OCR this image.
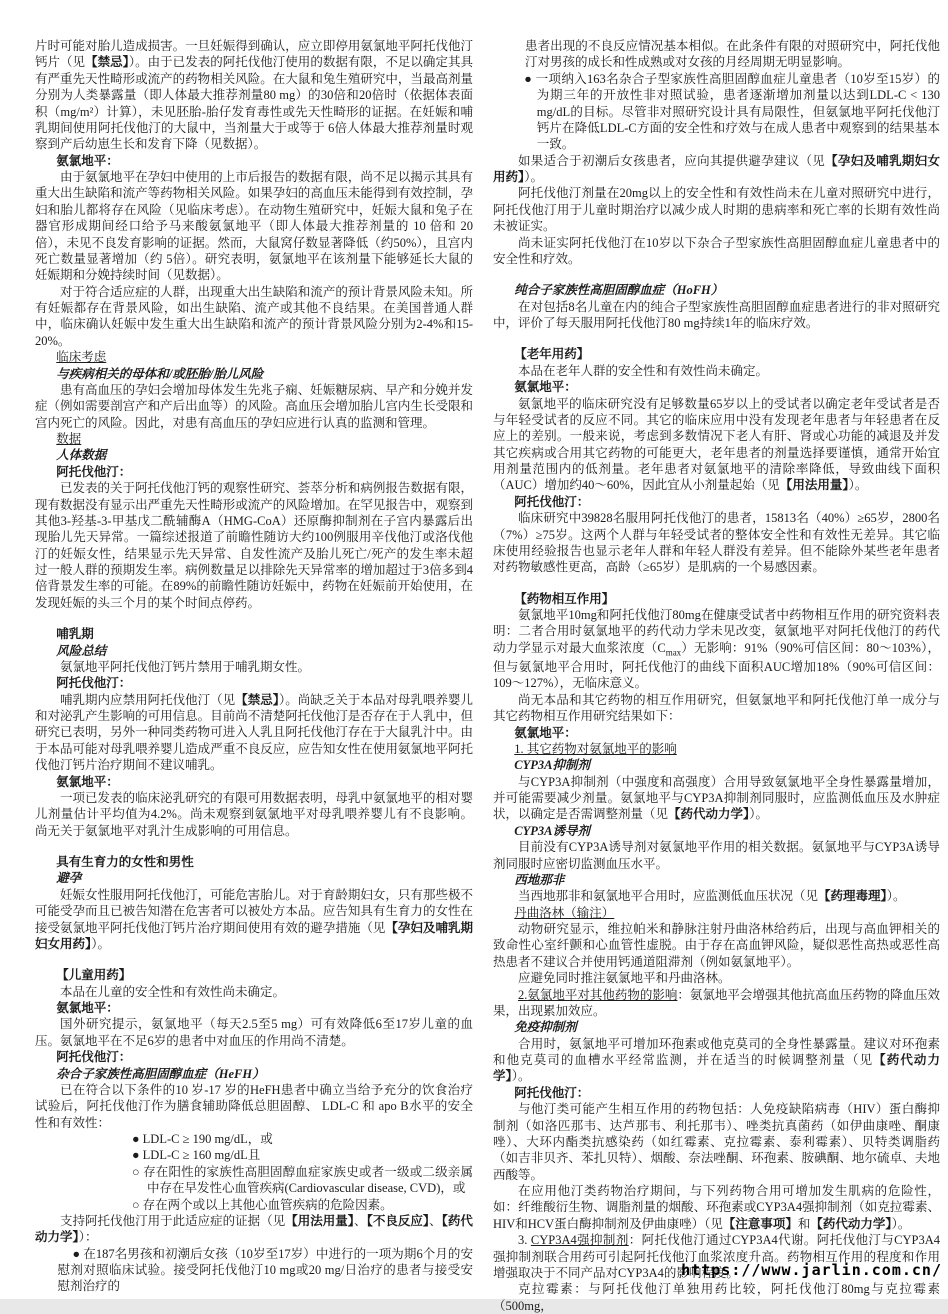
片时可能对胎儿造成损害。一旦妊娠得到确认，应立即停用氨氯地平阿托伐他汀钙片（见【禁忌】）。由于已发表的阿托伐他汀使用的数据有限，不足以确定其具有严重先天性畸形或流产的药物相关风险。在大鼠和兔生殖研究中，当最高剂量分别为人类暴露量（即人体最大推荐剂量80 mg）的30倍和20倍时（依据体表面积（mg/m²）计算），未见胚胎-胎仔发育毒性或先天性畸形的证据。在妊娠和哺乳期间使用阿托伐他汀的大鼠中，当剂量大于或等于 6倍人体最大推荐剂量时观察到产后幼崽生长和发育下降（见数据）。

氨氯地平：

由于氨氯地平在孕妇中使用的上市后报告的数据有限，尚不足以揭示其具有重大出生缺陷和流产等药物相关风险。如果孕妇的高血压未能得到有效控制，孕妇和胎儿都将存在风险（见临床考虑）。在动物生殖研究中，妊娠大鼠和兔子在器官形成期间经口给予马来酸氨氯地平（即人体最大推荐剂量的 10 倍和 20 倍），未见不良发育影响的证据。然而，大鼠窝仔数显著降低（约50%），且宫内死亡数量显著增加（约 5倍）。研究表明，氨氯地平在该剂量下能够延长大鼠的妊娠期和分娩持续时间（见数据）。

对于符合适应症的人群，出现重大出生缺陷和流产的预计背景风险未知。所有妊娠都存在背景风险，如出生缺陷、流产或其他不良结果。在美国普通人群中，临床确认妊娠中发生重大出生缺陷和流产的预计背景风险分别为2-4%和15-20%。

临床考虑

与疾病相关的母体和/或胚胎/胎儿风险

患有高血压的孕妇会增加母体发生先兆子痫、妊娠糖尿病、早产和分娩并发症（例如需要剖宫产和产后出血等）的风险。高血压会增加胎儿宫内生长受限和宫内死亡的风险。因此，对患有高血压的孕妇应进行认真的监测和管理。

数据

人体数据

阿托伐他汀：

已发表的关于阿托伐他汀钙的观察性研究、荟萃分析和病例报告数据有限，现有数据没有显示出严重先天性畸形或流产的风险增加。在罕见报告中，观察到其他3-羟基-3-甲基戊二酰辅酶A（HMG-CoA）还原酶抑制剂在子宫内暴露后出现胎儿先天异常。一篇综述报道了前瞻性随访大约100例服用辛伐他汀或洛伐他汀的妊娠女性，结果显示先天异常、自发性流产及胎儿死亡/死产的发生率未超过一般人群的预期发生率。病例数量足以排除先天异常率的增加超过于3倍多到4倍背景发生率的可能。在89%的前瞻性随访妊娠中，药物在妊娠前开始使用，在发现妊娠的头三个月的某个时间点停药。

哺乳期

风险总结

氨氯地平阿托伐他汀钙片禁用于哺乳期女性。

阿托伐他汀：

哺乳期内应禁用阿托伐他汀（见【禁忌】）。尚缺乏关于本品对母乳喂养婴儿和对泌乳产生影响的可用信息。目前尚不清楚阿托伐他汀是否存在于人乳中，但研究已表明，另外一种同类药物可进入人乳且阿托伐他汀存在于大鼠乳汁中。由于本品可能对母乳喂养婴儿造成严重不良反应，应告知女性在使用氨氯地平阿托伐他汀钙片治疗期间不建议哺乳。

氨氯地平：

一项已发表的临床泌乳研究的有限可用数据表明，母乳中氨氯地平的相对婴儿剂量估计平均值为4.2%。尚未观察到氨氯地平对母乳喂养婴儿有不良影响。尚无关于氨氯地平对乳汁生成影响的可用信息。

具有生育力的女性和男性

避孕

妊娠女性服用阿托伐他汀，可能危害胎儿。对于育龄期妇女，只有那些极不可能受孕而且已被告知潜在危害者可以被处方本品。应告知具有生育力的女性在接受氨氯地平阿托伐他汀钙片治疗期间使用有效的避孕措施（见【孕妇及哺乳期妇女用药】）。

【儿童用药】

本品在儿童的安全性和有效性尚未确定。

氨氯地平：

国外研究提示，氨氯地平（每天2.5至5 mg）可有效降低6至17岁儿童的血压。氨氯地平在不足6岁的患者中对血压的作用尚不清楚。

阿托伐他汀：

杂合子家族性高胆固醇血症（HeFH）

已在符合以下条件的10 岁-17 岁的HeFH患者中确立当给予充分的饮食治疗试验后，阿托伐他汀作为膳食辅助降低总胆固醇、 LDL-C 和 apo B水平的安全性和有效性：

● LDL-C ≥ 190 mg/dL，或

● LDL-C ≥ 160 mg/dL且

○ 存在阳性的家族性高胆固醇血症家族史或者一级或二级亲属中存在早发性心血管疾病(Cardiovascular disease, CVD)，或

○ 存在两个或以上其他心血管疾病的危险因素。

支持阿托伐他汀用于此适应症的证据（见【用法用量】、【不良反应】、【药代动力学】）：

● 在187名男孩和初潮后女孩（10岁至17岁）中进行的一项为期6个月的安慰剂对照临床试验。接受阿托伐他汀10 mg或20 mg/日治疗的患者与接受安慰剂治疗的

患者出现的不良反应情况基本相似。在此条件有限的对照研究中，阿托伐他汀对男孩的成长和性成熟或对女孩的月经周期无明显影响。

● 一项纳入163名杂合子型家族性高胆固醇血症儿童患者（10岁至15岁）的为期三年的开放性非对照试验，患者逐渐增加剂量以达到LDL-C < 130 mg/dL的目标。尽管非对照研究设计具有局限性，但氨氯地平阿托伐他汀钙片在降低LDL-C方面的安全性和疗效与在成人患者中观察到的结果基本一致。

如果适合于初潮后女孩患者，应向其提供避孕建议（见【孕妇及哺乳期妇女用药】）。

阿托伐他汀剂量在20mg以上的安全性和有效性尚未在儿童对照研究中进行，阿托伐他汀用于儿童时期治疗以减少成人时期的患病率和死亡率的长期有效性尚未被证实。

尚未证实阿托伐他汀在10岁以下杂合子型家族性高胆固醇血症儿童患者中的安全性和疗效。

纯合子家族性高胆固醇血症（HoFH）

在对包括8名儿童在内的纯合子型家族性高胆固醇血症患者进行的非对照研究中，评价了每天服用阿托伐他汀80 mg持续1年的临床疗效。

【老年用药】

本品在老年人群的安全性和有效性尚未确定。

氨氯地平：

氨氯地平的临床研究没有足够数量65岁以上的受试者以确定老年受试者是否与年轻受试者的反应不同。其它的临床应用中没有发现老年患者与年轻患者在反应上的差别。一般来说，考虑到多数情况下老人有肝、肾或心功能的减退及并发其它疾病或合用其它药物的可能更大，老年患者的剂量选择要谨慎，通常开始宜用剂量范围内的低剂量。老年患者对氨氯地平的清除率降低，导致曲线下面积（AUC）增加约40～60%，因此宜从小剂量起始（见【用法用量】）。

阿托伐他汀：

临床研究中39828名服用阿托伐他汀的患者，15813名（40%）≥65岁，2800名（7%）≥75岁。这两个人群与年轻受试者的整体安全性和有效性无差异。其它临床使用经验报告也显示老年人群和年轻人群没有差异。但不能除外某些老年患者对药物敏感性更高，高龄（≥65岁）是肌病的一个易感因素。

【药物相互作用】

氨氯地平10mg和阿托伐他汀80mg在健康受试者中药物相互作用的研究资料表明：二者合用时氨氯地平的药代动力学未见改变，氨氯地平对阿托伐他汀的药代动力学显示对最大血浆浓度$(C_{max})$无影响：91%（90%可信区间：80～103%），但与氨氯地平合用时，阿托伐他汀的曲线下面积AUC增加18%（90%可信区间：109～127%），无临床意义。

尚无本品和其它药物的相互作用研究，但氨氯地平和阿托伐他汀单一成分与其它药物相互作用研究结果如下：

氨氯地平：

1. 其它药物对氨氯地平的影响

CYP3A抑制剂

与CYP3A抑制剂（中强度和高强度）合用导致氨氯地平全身性暴露量增加，并可能需要减少剂量。氨氯地平与CYP3A抑制剂同服时，应监测低血压及水肿症状，以确定是否需调整剂量（见【药代动力学】）。

CYP3A诱导剂

目前没有CYP3A诱导剂对氨氯地平作用的相关数据。氨氯地平与CYP3A诱导剂同服时应密切监测血压水平。

西地那非

当西地那非和氨氯地平合用时，应监测低血压状况（见【药理毒理】）。

丹曲洛林（输注）

动物研究显示，维拉帕米和静脉注射丹曲洛林给药后，出现与高血钾相关的致命性心室纤颤和心血管性虚脱。由于存在高血钾风险，疑似恶性高热或恶性高热患者不建议合并使用钙通道阻滞剂（例如氨氯地平）。

应避免同时推注氨氯地平和丹曲洛林。

2.氨氯地平对其他药物的影响：氨氯地平会增强其他抗高血压药物的降血压效果，出现累加效应。

免疫抑制剂

合用时，氨氯地平可增加环孢素或他克莫司的全身性暴露量。建议对环孢素和他克莫司的血槽水平经常监测，并在适当的时候调整剂量（见【药代动力学】）。

阿托伐他汀：

与他汀类可能产生相互作用的药物包括：人免疫缺陷病毒（HIV）蛋白酶抑制剂（如洛匹那韦、达芦那韦、利托那韦）、唑类抗真菌药（如伊曲康唑、酮康唑）、大环内酯类抗感染药（如红霉素、克拉霉素、泰利霉素）、贝特类调脂药（如吉非贝齐、苯扎贝特）、烟酸、奈法唑酮、环孢素、胺碘酮、地尔硫卓、夫地西酸等。

在应用他汀类药物治疗期间，与下列药物合用可增加发生肌病的危险性，如：纤维酸衍生物、调脂剂量的烟酸、环孢素或CYP3A4强抑制剂（如克拉霉素、HIV和HCV蛋白酶抑制剂及伊曲康唑）（见【注意事项】和【药代动力学】）。

3. CYP3A4强抑制剂：阿托伐他汀通过CYP3A4代谢。阿托伐他汀与CYP3A4强抑制剂联合用药可引起阿托伐他汀血浆浓度升高。药物相互作用的程度和作用增强取决于不同产品对CYP3A4的影响程度。

克拉霉素：与阿托伐他汀单独用药比较，阿托伐他汀80mg与克拉霉素（500mg，

https://www.jarlin.com.cn/
